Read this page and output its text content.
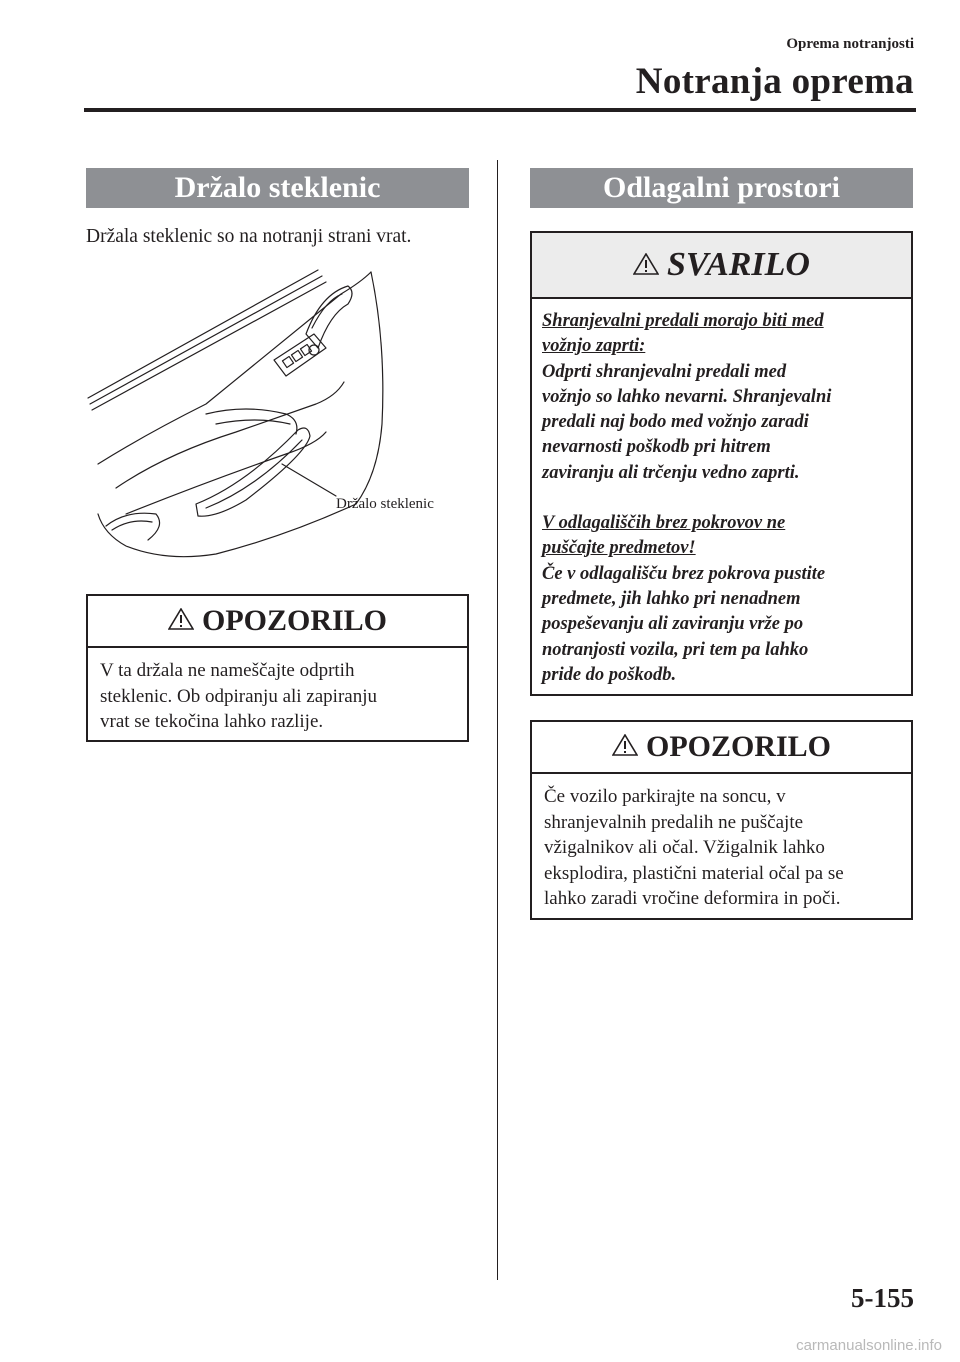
Oprema notranjosti
Notranja oprema
Držalo steklenic
Držala steklenic so na notranji strani vrat.
Držalo steklenic
OPOZORILO
V ta držala ne nameščajte odprtih
steklenic. Ob odpiranju ali zapiranju
vrat se tekočina lahko razlije.
Odlagalni prostori
SVARILO
Shranjevalni predali morajo biti med
vožnjo zaprti:
Odprti shranjevalni predali med
vožnjo so lahko nevarni. Shranjevalni
predali naj bodo med vožnjo zaradi
nevarnosti poškodb pri hitrem
zaviranju ali trčenju vedno zaprti.
V odlagališčih brez pokrovov ne
puščajte predmetov!
Če v odlagališču brez pokrova pustite
predmete, jih lahko pri nenadnem
pospeševanju ali zaviranju vrže po
notranjosti vozila, pri tem pa lahko
pride do poškodb.
OPOZORILO
Če vozilo parkirajte na soncu, v
shranjevalnih predalih ne puščajte
vžigalnikov ali očal. Vžigalnik lahko
eksplodira, plastični material očal pa se
lahko zaradi vročine deformira in poči.
5-155
carmanualsonline.info
